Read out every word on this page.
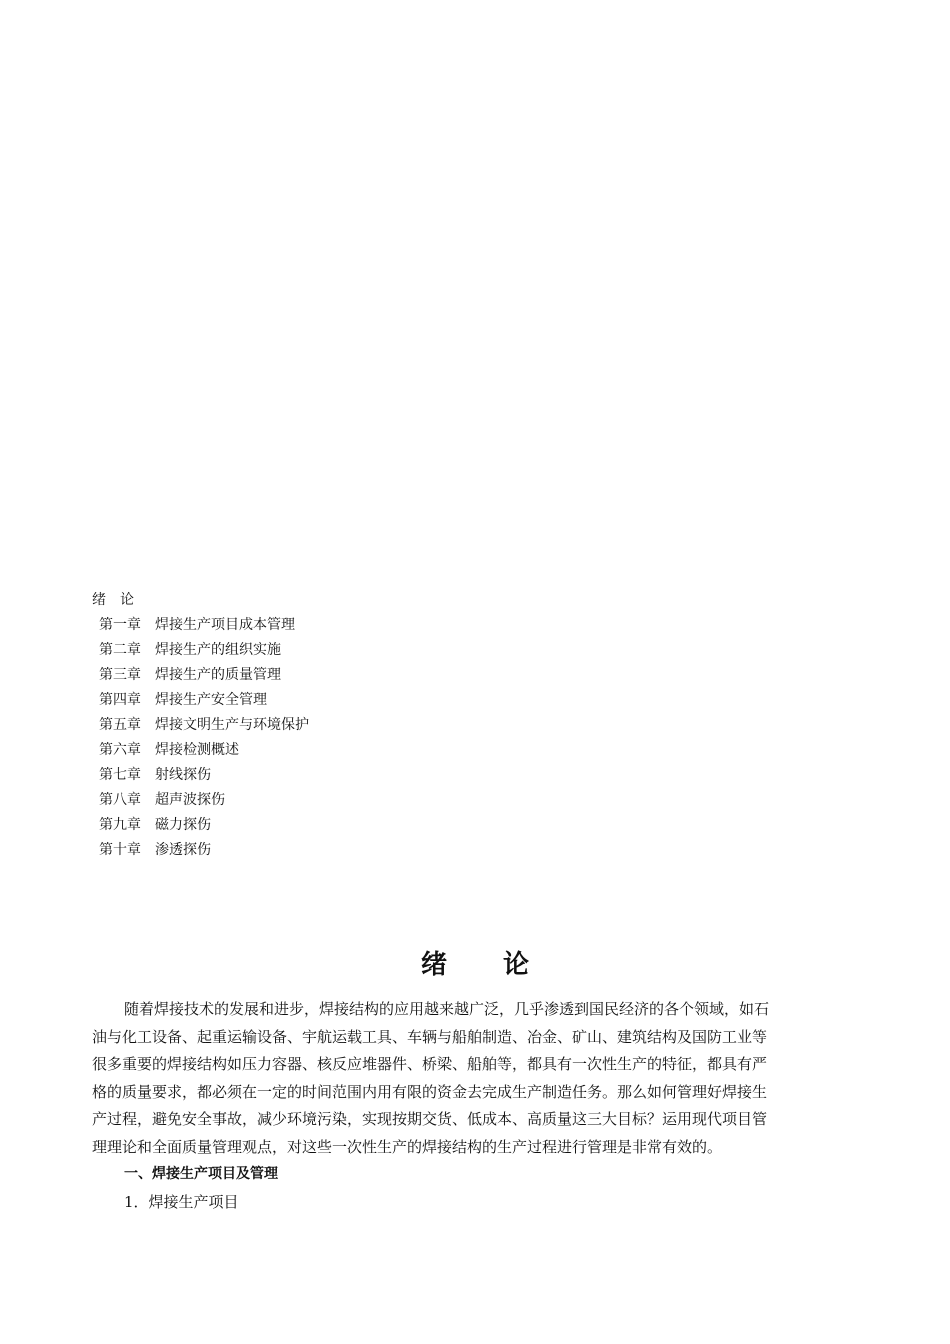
绪论
第一章 焊接生产项目成本管理
第二章 焊接生产的组织实施
第三章 焊接生产的质量管理
第四章 焊接生产安全管理
第五章 焊接文明生产与环境保护
第六章 焊接检测概述
第七章 射线探伤
第八章 超声波探伤
第九章 磁力探伤
第十章 渗透探伤
绪论

随着焊接技术的发展和进步，焊接结构的应用越来越广泛，几乎渗透到国民经济的各个领域，如石
油与化工设备、起重运输设备、宇航运载工具、车辆与船舶制造、冶金、矿山、建筑结构及国防工业等
很多重要的焊接结构如压力容器、核反应堆器件、桥梁、船舶等，都具有一次性生产的特征，都具有严
格的质量要求，都必须在一定的时间范围内用有限的资金去完成生产制造任务。那么如何管理好焊接生
产过程，避免安全事故，减少环境污染，实现按期交货、低成本、高质量这三大目标？运用现代项目管
理理论和全面质量管理观点，对这些一次性生产的焊接结构的生产过程进行管理是非常有效的。

一、焊接生产项目及管理

1．焊接生产项目
